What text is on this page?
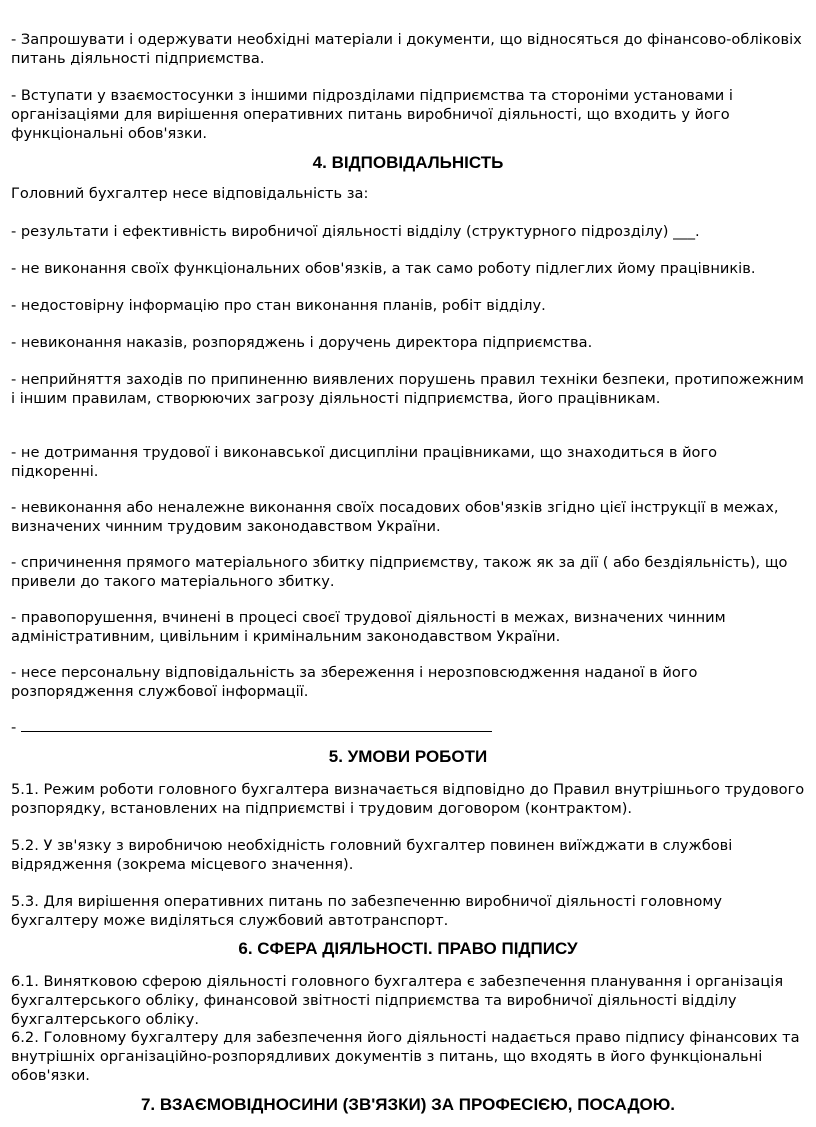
- Запрошувати і одержувати необхідні матеріали і документи, що відносяться до фінансово-обліковіх питань діяльності підприємства.

- Вступати у взаємостосунки з іншими підрозділами підприємства та стороніми установами і організаціями для вирішення оперативних питань виробничої діяльності, що входить у його функціональні обов'язки.

4. ВІДПОВІДАЛЬНІСТЬ

Головний бухгалтер несе відповідальність за:

- результати і ефективність виробничої діяльності відділу (структурного підрозділу) ___.

- не виконання своїх функціональних обов'язків, а так само роботу підлеглих йому працівників.

- недостовірну інформацію про стан виконання планів, робіт відділу.

- невиконання наказів, розпоряджень і доручень директора підприємства.

- неприйняття заходів по припиненню виявлених порушень правил техніки безпеки, протипожежним і іншим правилам, створюючих загрозу діяльності підприємства, його працівникам.

- не дотримання трудової і виконавської дисципліни працівниками, що знаходиться в його підкоренні.

- невиконання або неналежне виконання своїх посадових обов'язків згідно цієї інструкції в межах, визначених чинним трудовим законодавством України.

- спричинення прямого матеріального збитку підприємству, також як за дії ( або бездіяльність), що привели до такого матеріального збитку.

- правопорушення, вчинені в процесі своєї трудової діяльності в межах, визначених чинним адміністративним, цивільним і кримінальним законодавством України.

- несе персональну відповідальність за збереження і нерозповсюдження наданої в його розпорядження службової інформації.

-
5. УМОВИ РОБОТИ

5.1. Режим роботи головного бухгалтера визначається відповідно до Правил внутрішнього трудового розпорядку, встановлених на підприємстві і трудовим договором (контрактом).

5.2. У зв'язку з виробничою необхідність головний бухгалтер повинен виїжджати в службові відрядження (зокрема місцевого значення).

5.3. Для вирішення оперативних питань по забезпеченню виробничої діяльності головному бухгалтеру може виділяться службовий автотранспорт.

6. СФЕРА ДІЯЛЬНОСТІ. ПРАВО ПІДПИСУ

6.1. Винятковою сферою діяльності головного бухгалтера є забезпечення планування і організація бухгалтерського обліку, финансовой звітності підприємства та виробничої діяльності відділу бухгалтерського обліку.

6.2. Головному бухгалтеру для забезпечення його діяльності надається право підпису фінансових та внутрішніх організаційно-розпорядливих документів з питань, що входять в його функціональні обов'язки.

7. ВЗАЄМОВІДНОСИНИ (ЗВ'ЯЗКИ) ЗА ПРОФЕСІЄЮ, ПОСАДОЮ.
